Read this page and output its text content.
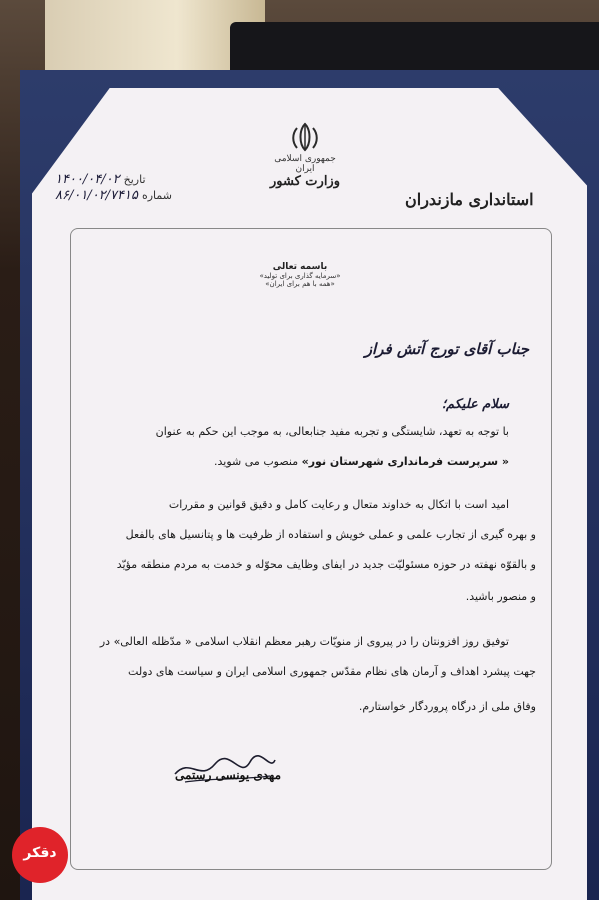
جمهوری اسلامی ایران
وزارت کشور
استانداری مازندران
۱۴۰۰/۰۴/۰۲ تاریخ
۸۶/۰۱/۰۲/۷۴۱۵ شماره
باسمه تعالی
«سرمایه گذاری برای تولید»
«همه با هم برای ایران»
جناب آقای تورج آتش فراز
سلام علیکم؛
با توجه به تعهد، شایستگی و تجربه مفید جنابعالی، به موجب این حکم به عنوان
« سرپرست فرمانداری شهرستان نور» منصوب می شوید.
امید است با اتکال به خداوند متعال و رعایت کامل و دقیق قوانین و مقررات
و بهره گیری از تجارب علمی و عملی خویش و استفاده از ظرفیت ها و پتانسیل های بالفعل
و بالقوّه نهفته در حوزه مسئولیّت جدید در ایفای وظایف محوّله و خدمت به مردم منطقه مؤیّد
و منصور باشید.
توفیق روز افزونتان را در پیروی از منویّات رهبر معظم انقلاب اسلامی « مدّظله العالی» در
جهت پیشرد اهداف و آرمان های نظام مقدّس جمهوری اسلامی ایران و سیاست های دولت
وفاق ملی از درگاه پروردگار خواستارم.
مهدی یونسی رستمی
دقکر
